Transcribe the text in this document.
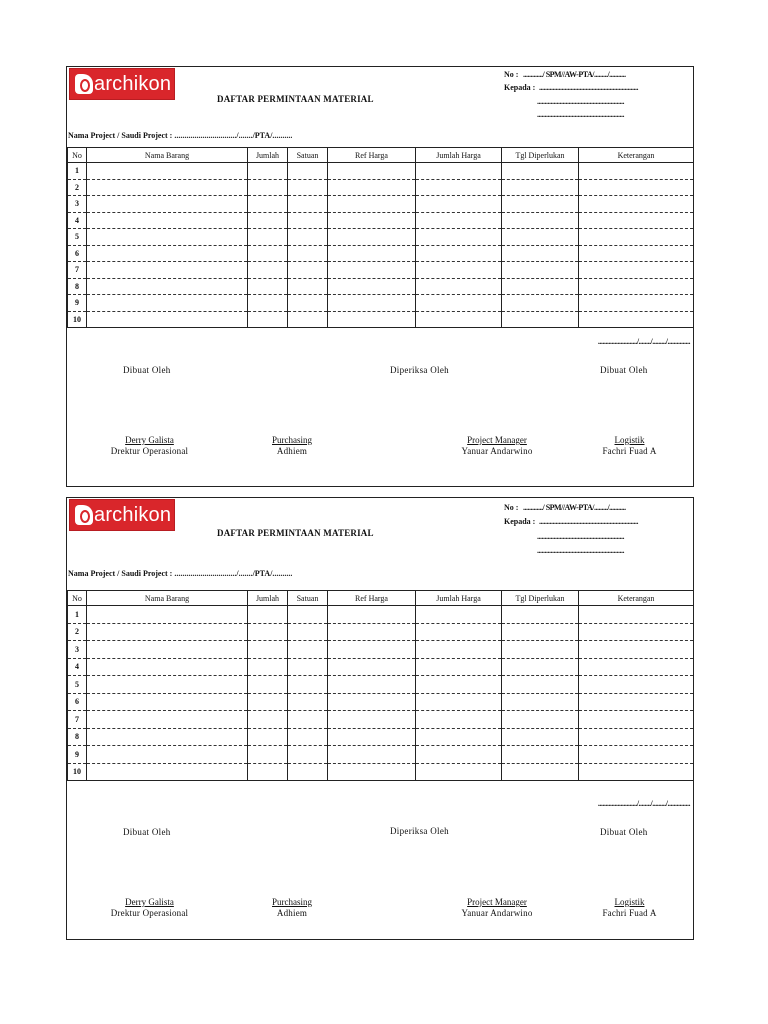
archikon
DAFTAR PERMINTAAN MATERIAL
No : ............./ SPM//AW-PTA/........./...........
Kepada : ..................................................................
..........................................................
..........................................................
Nama Project / Saudi Project : .............................../......./PTA/..........
No	Nama Barang	Jumlah	Satuan	Ref Harga	Jumlah Harga	Tgl Diperlukan	Keterangan
1							
2							
3							
4							
5							
6							
7							
8							
9							
10							
........................../......../........./...............
Dibuat Oleh	Diperiksa Oleh	Dibuat Oleh
Derry Galista
Drektur Operasional
Purchasing
Adhiem
Project Manager
Yanuar Andarwino
Logistik
Fachri Fuad A
archikon
DAFTAR PERMINTAAN MATERIAL
No : ............./ SPM//AW-PTA/........./...........
Kepada : ..................................................................
..........................................................
..........................................................
Nama Project / Saudi Project : .............................../......./PTA/..........
No	Nama Barang	Jumlah	Satuan	Ref Harga	Jumlah Harga	Tgl Diperlukan	Keterangan
1							
2							
3							
4							
5							
6							
7							
8							
9							
10							
........................../......../........./...............
Dibuat Oleh	Diperiksa Oleh	Dibuat Oleh
Derry Galista
Drektur Operasional
Purchasing
Adhiem
Project Manager
Yanuar Andarwino
Logistik
Fachri Fuad A
